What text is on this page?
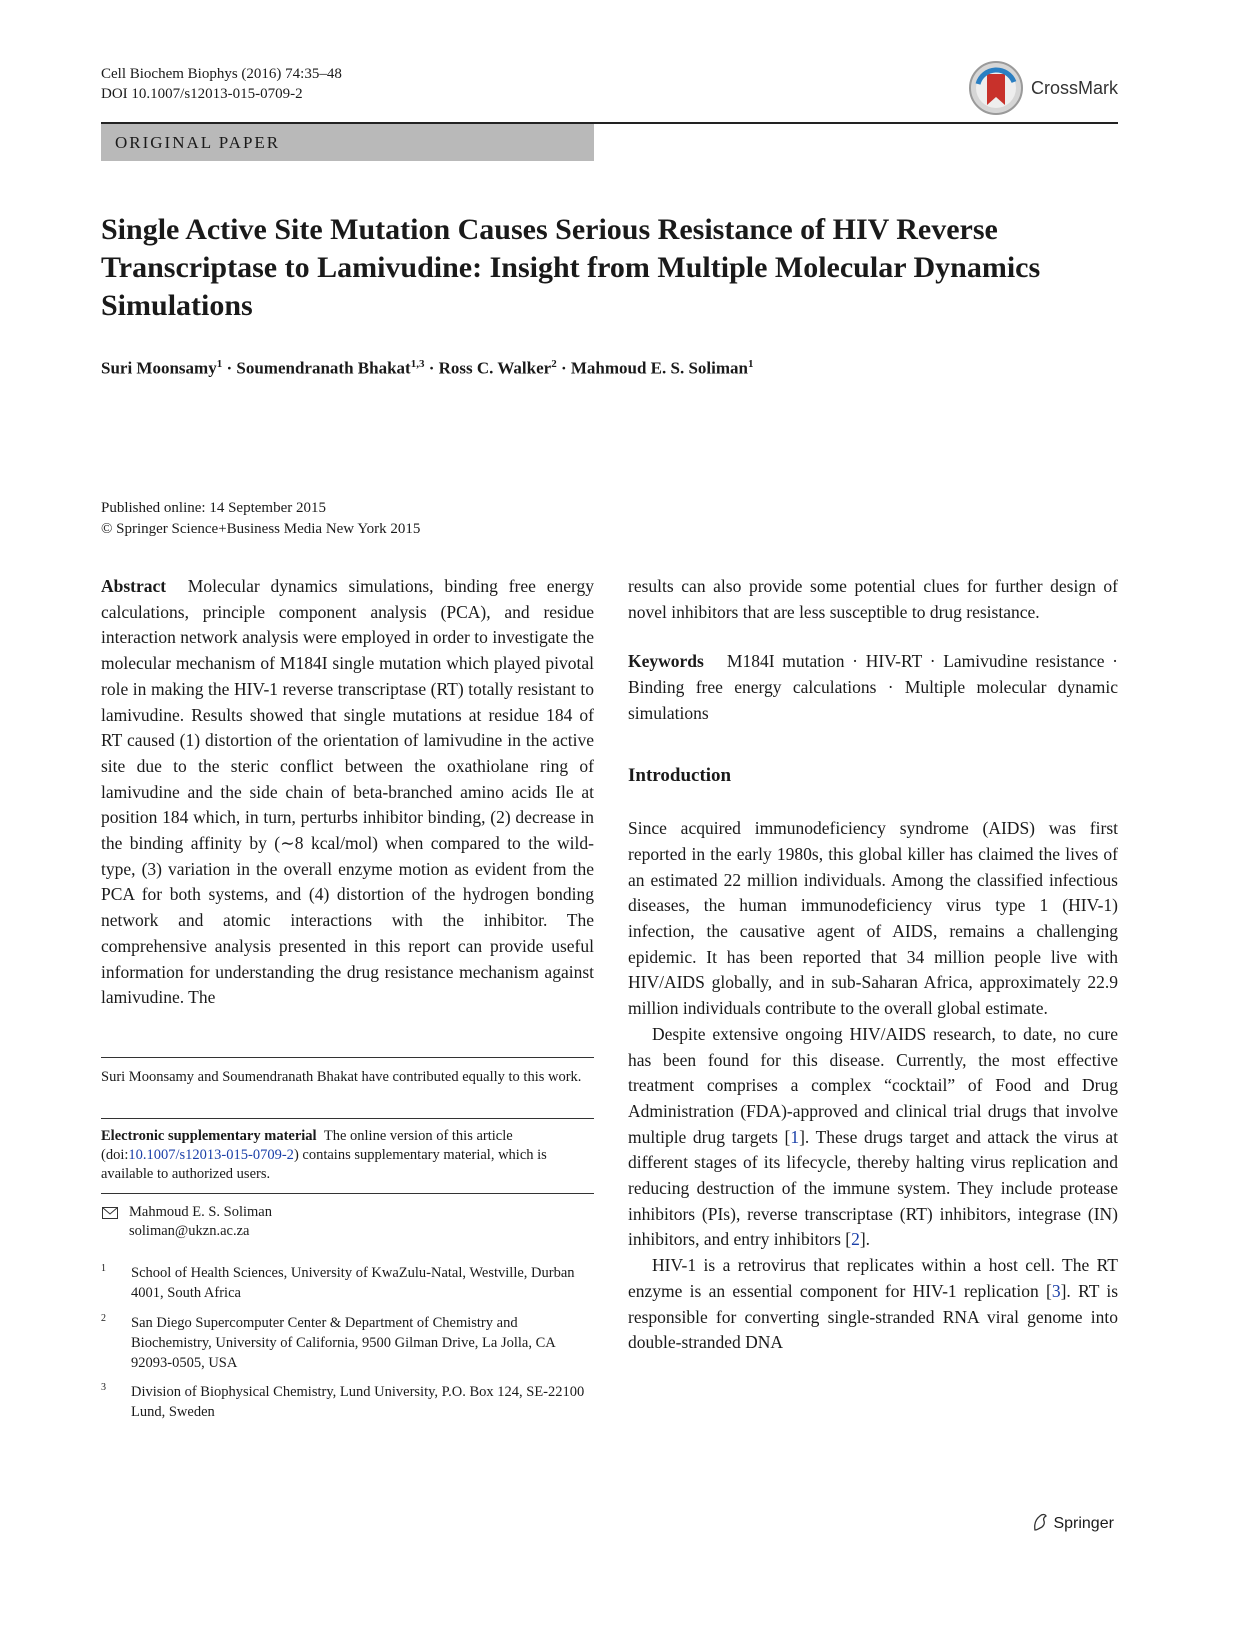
Cell Biochem Biophys (2016) 74:35–48
DOI 10.1007/s12013-015-0709-2	CrossMark
ORIGINAL PAPER
Single Active Site Mutation Causes Serious Resistance of HIV Reverse Transcriptase to Lamivudine: Insight from Multiple Molecular Dynamics Simulations
Suri Moonsamy$^1$ · Soumendranath Bhakat$^{1,3}$ · Ross C. Walker$^2$ · Mahmoud E. S. Soliman$^1$
Published online: 14 September 2015
© Springer Science+Business Media New York 2015

Abstract Molecular dynamics simulations, binding free energy calculations, principle component analysis (PCA), and residue interaction network analysis were employed in order to investigate the molecular mechanism of M184I single mutation which played pivotal role in making the HIV-1 reverse transcriptase (RT) totally resistant to lamivudine. Results showed that single mutations at residue 184 of RT caused (1) distortion of the orientation of lamivudine in the active site due to the steric conflict between the oxathiolane ring of lamivudine and the side chain of beta-branched amino acids Ile at position 184 which, in turn, perturbs inhibitor binding, (2) decrease in the binding affinity by (∼8 kcal/mol) when compared to the wild-type, (3) variation in the overall enzyme motion as evident from the PCA for both systems, and (4) distortion of the hydrogen bonding network and atomic interactions with the inhibitor. The comprehensive analysis presented in this report can provide useful information for understanding the drug resistance mechanism against lamivudine. The

Suri Moonsamy and Soumendranath Bhakat have contributed equally to this work.
Electronic supplementary material The online version of this article (doi:10.1007/s12013-015-0709-2) contains supplementary material, which is available to authorized users.
Mahmoud E. S. Soliman
soliman@ukzn.ac.za
1 School of Health Sciences, University of KwaZulu-Natal, Westville, Durban 4001, South Africa
2 San Diego Supercomputer Center & Department of Chemistry and Biochemistry, University of California, 9500 Gilman Drive, La Jolla, CA 92093-0505, USA
3 Division of Biophysical Chemistry, Lund University, P.O. Box 124, SE-22100 Lund, Sweden

results can also provide some potential clues for further design of novel inhibitors that are less susceptible to drug resistance.

Keywords M184I mutation · HIV-RT · Lamivudine resistance · Binding free energy calculations · Multiple molecular dynamic simulations

Introduction

Since acquired immunodeficiency syndrome (AIDS) was first reported in the early 1980s, this global killer has claimed the lives of an estimated 22 million individuals. Among the classified infectious diseases, the human immunodeficiency virus type 1 (HIV-1) infection, the causative agent of AIDS, remains a challenging epidemic. It has been reported that 34 million people live with HIV/AIDS globally, and in sub-Saharan Africa, approximately 22.9 million individuals contribute to the overall global estimate.

Despite extensive ongoing HIV/AIDS research, to date, no cure has been found for this disease. Currently, the most effective treatment comprises a complex “cocktail” of Food and Drug Administration (FDA)-approved and clinical trial drugs that involve multiple drug targets [1]. These drugs target and attack the virus at different stages of its lifecycle, thereby halting virus replication and reducing destruction of the immune system. They include protease inhibitors (PIs), reverse transcriptase (RT) inhibitors, integrase (IN) inhibitors, and entry inhibitors [2].

HIV-1 is a retrovirus that replicates within a host cell. The RT enzyme is an essential component for HIV-1 replication [3]. RT is responsible for converting single-stranded RNA viral genome into double-stranded DNA

Springer
